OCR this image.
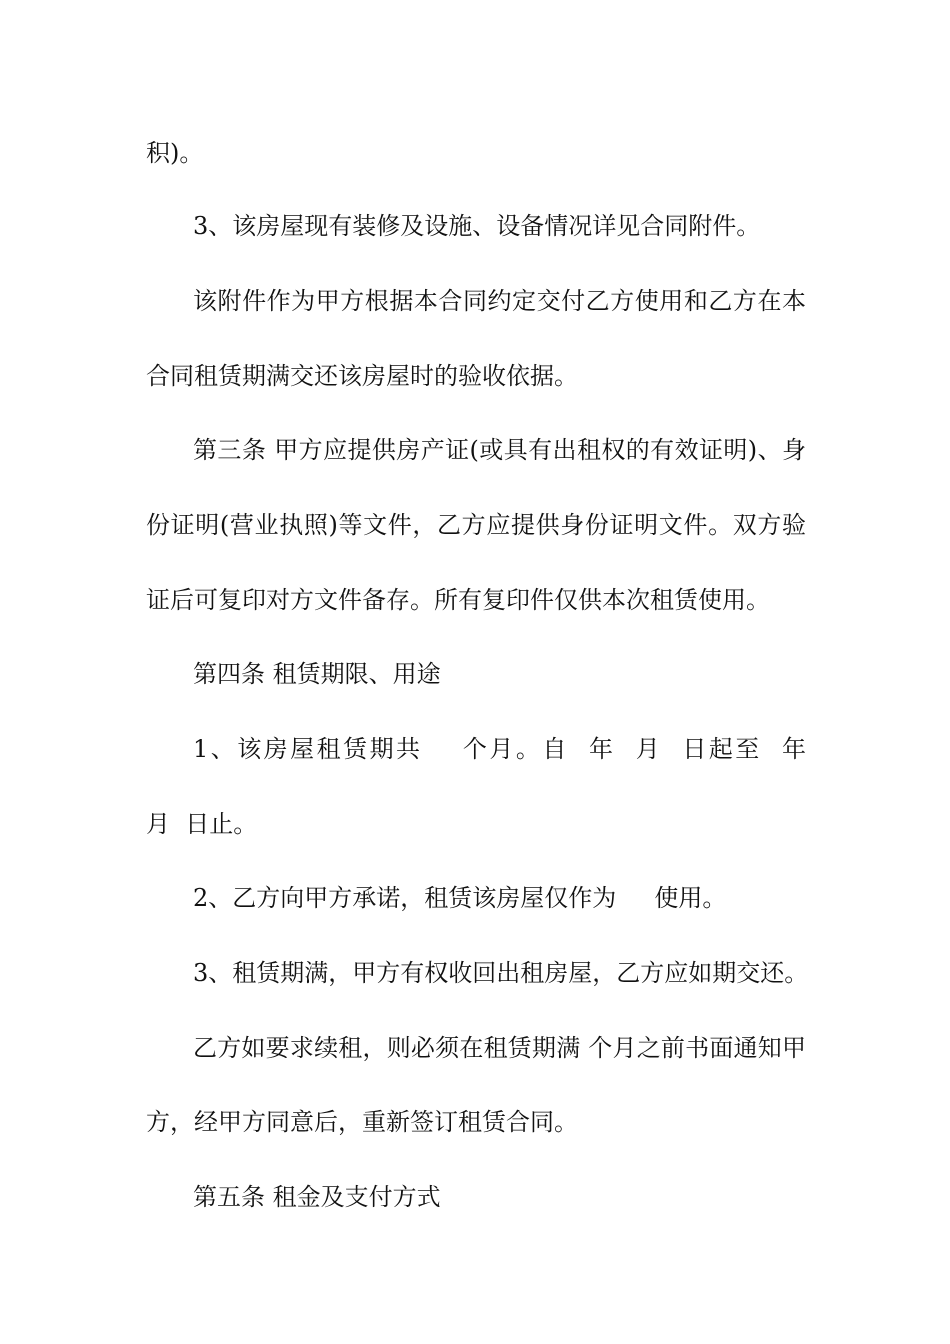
积)。

3、该房屋现有装修及设施、设备情况详见合同附件。

该附件作为甲方根据本合同约定交付乙方使用和乙方在本

合同租赁期满交还该房屋时的验收依据。

第三条 甲方应提供房产证(或具有出租权的有效证明)、身

份证明(营业执照)等文件，乙方应提供身份证明文件。双方验

证后可复印对方文件备存。所有复印件仅供本次租赁使用。

第四条 租赁期限、用途

1、该房屋租赁期共    个月。自  年  月  日起至  年

月  日止。

2、乙方向甲方承诺，租赁该房屋仅作为     使用。

3、租赁期满，甲方有权收回出租房屋，乙方应如期交还。

乙方如要求续租，则必须在租赁期满 个月之前书面通知甲

方，经甲方同意后，重新签订租赁合同。

第五条 租金及支付方式
